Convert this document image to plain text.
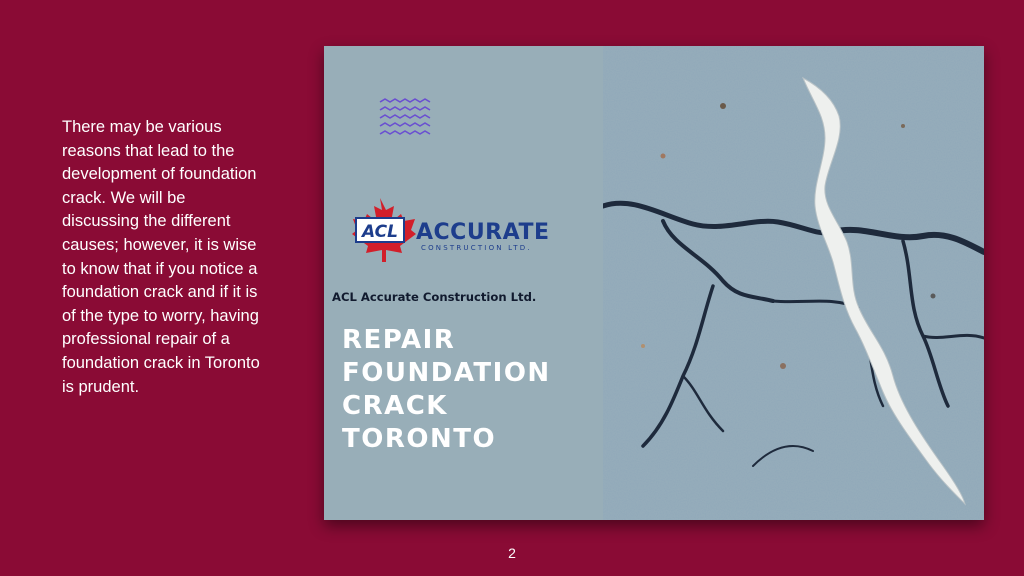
There may be various reasons that lead to the development of foundation crack. We will be discussing the different causes; however, it is wise to know that if you notice a foundation crack and if it is of the type to worry, having professional repair of a foundation crack in Toronto is prudent.
ACL ACCURATE
CONSTRUCTION LTD.
ACL Accurate Construction Ltd.
REPAIR
FOUNDATION
CRACK
TORONTO
2
